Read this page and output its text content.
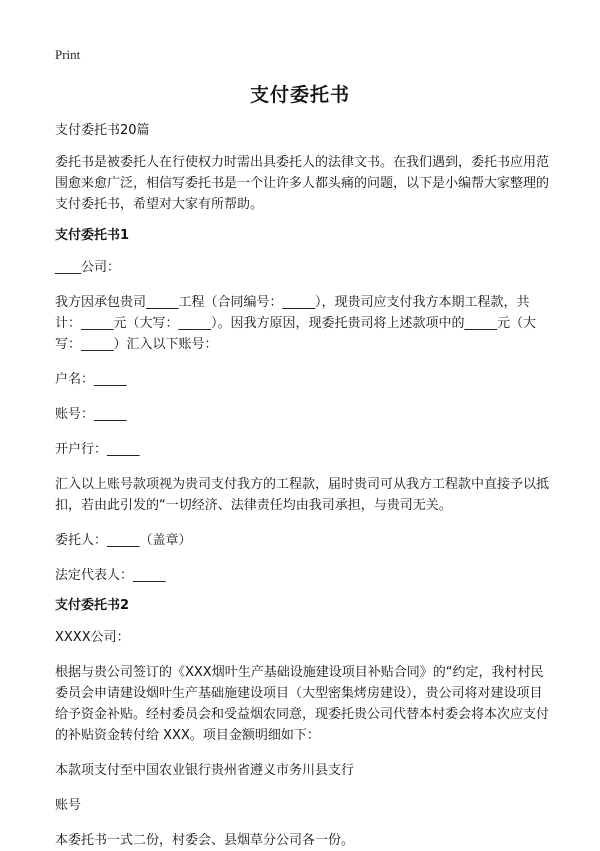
Print
支付委托书

支付委托书20篇

委托书是被委托人在行使权力时需出具委托人的法律文书。在我们遇到，委托书应用范围愈来愈广泛，相信写委托书是一个让许多人都头痛的问题，以下是小编帮大家整理的支付委托书，希望对大家有所帮助。

支付委托书1

____公司：

我方因承包贵司_____工程（合同编号：_____），现贵司应支付我方本期工程款，共计：_____元（大写：_____）。因我方原因，现委托贵司将上述款项中的_____元（大写：_____）汇入以下账号：

户名：_____

账号：_____

开户行：_____

汇入以上账号款项视为贵司支付我方的工程款，届时贵司可从我方工程款中直接予以抵扣，若由此引发的“一切经济、法律责任均由我司承担，与贵司无关。

委托人：_____（盖章）

法定代表人：_____

支付委托书2

XXXX公司：

根据与贵公司签订的《XXX烟叶生产基础设施建设项目补贴合同》的“约定，我村村民委员会申请建设烟叶生产基础施建设项目（大型密集烤房建设），贵公司将对建设项目给予资金补贴。经村委员会和受益烟农同意，现委托贵公司代替本村委会将本次应支付的补贴资金转付给 XXX。项目金额明细如下：

本款项支付至中国农业银行贵州省遵义市务川县支行

账号

本委托书一式二份，村委会、县烟草分公司各一份。
